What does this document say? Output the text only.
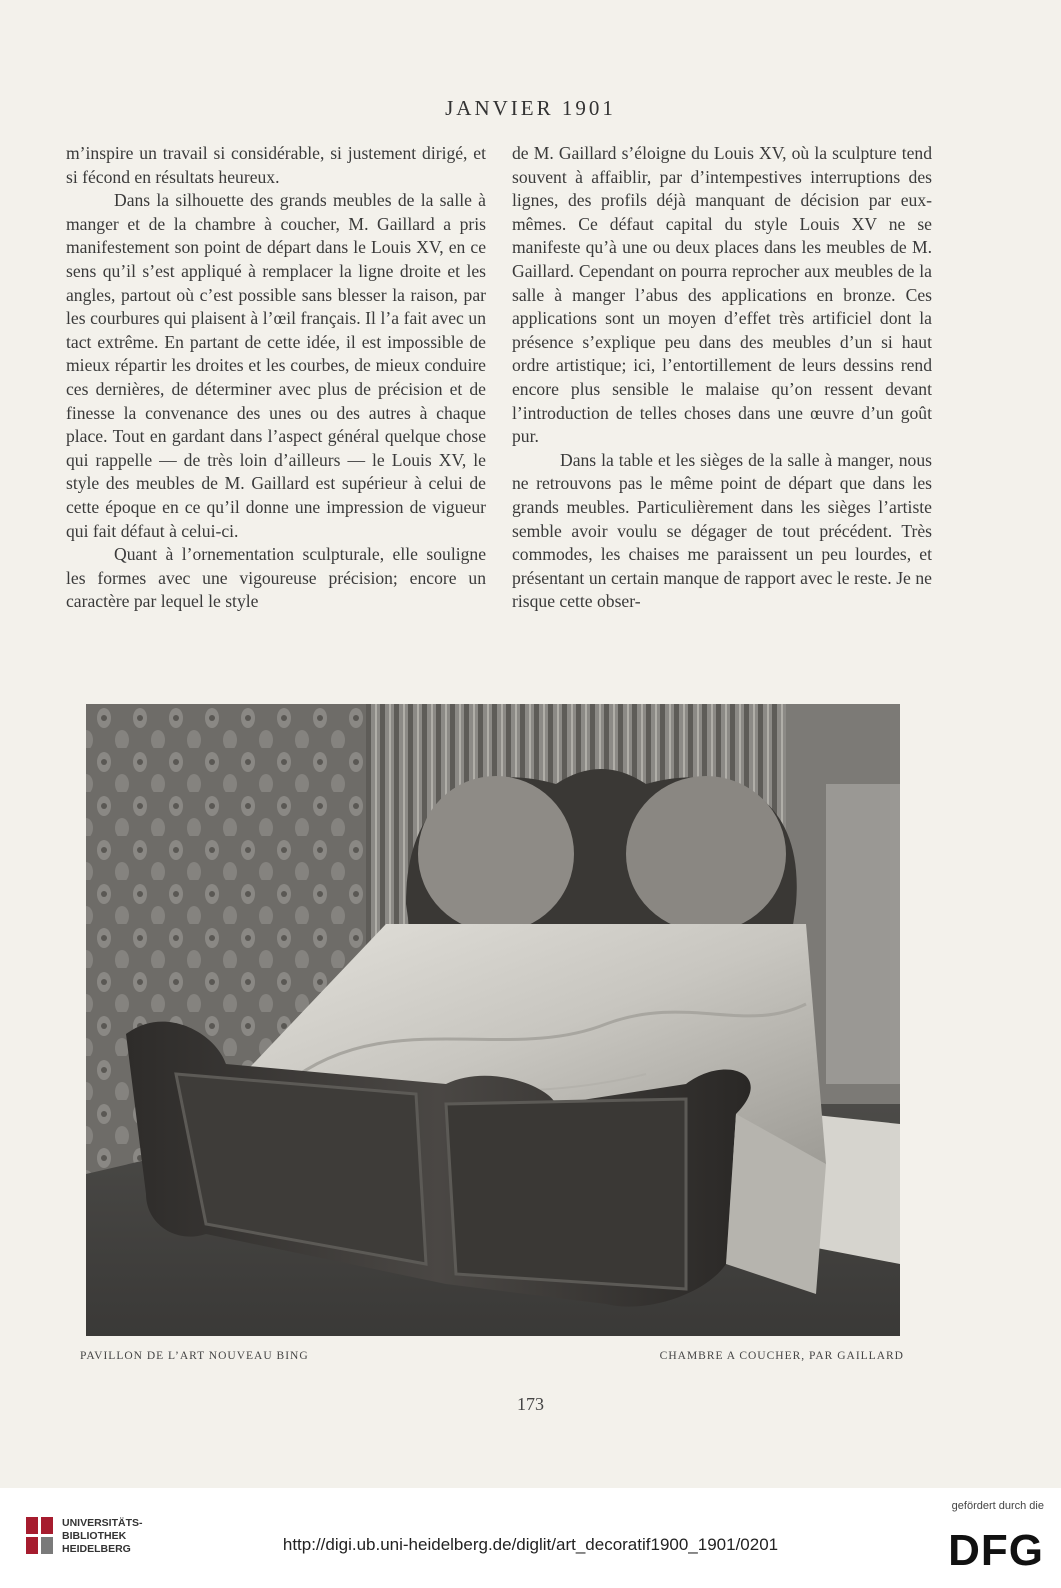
JANVIER 1901

m’inspire un travail si considérable, si justement dirigé, et si fécond en résultats heureux.

Dans la silhouette des grands meubles de la salle à manger et de la chambre à coucher, M. Gaillard a pris manifestement son point de départ dans le Louis XV, en ce sens qu’il s’est appliqué à remplacer la ligne droite et les angles, partout où c’est possible sans blesser la raison, par les courbures qui plaisent à l’œil français. Il l’a fait avec un tact extrême. En partant de cette idée, il est impossible de mieux répartir les droites et les courbes, de mieux conduire ces dernières, de déterminer avec plus de précision et de finesse la convenance des unes ou des autres à chaque place. Tout en gardant dans l’aspect général quelque chose qui rappelle — de très loin d’ailleurs — le Louis XV, le style des meubles de M. Gaillard est supérieur à celui de cette époque en ce qu’il donne une impression de vigueur qui fait défaut à celui-ci.

Quant à l’ornementation sculpturale, elle souligne les formes avec une vigoureuse précision; encore un caractère par lequel le style

de M. Gaillard s’éloigne du Louis XV, où la sculpture tend souvent à affaiblir, par d’intempestives interruptions des lignes, des profils déjà manquant de décision par eux-mêmes. Ce défaut capital du style Louis XV ne se manifeste qu’à une ou deux places dans les meubles de M. Gaillard. Cependant on pourra reprocher aux meubles de la salle à manger l’abus des applications en bronze. Ces applications sont un moyen d’effet très artificiel dont la présence s’explique peu dans des meubles d’un si haut ordre artistique; ici, l’entortillement de leurs dessins rend encore plus sensible le malaise qu’on ressent devant l’introduction de telles choses dans une œuvre d’un goût pur.

Dans la table et les sièges de la salle à manger, nous ne retrouvons pas le même point de départ que dans les grands meubles. Particulièrement dans les sièges l’artiste semble avoir voulu se dégager de tout précédent. Très commodes, les chaises me paraissent un peu lourdes, et présentant un certain manque de rapport avec le reste. Je ne risque cette obser-

PAVILLON DE L’ART NOUVEAU BING	CHAMBRE A COUCHER, PAR GAILLARD
173
UNIVERSITÄTS-
BIBLIOTHEK
HEIDELBERG	http://digi.ub.uni-heidelberg.de/diglit/art_decoratif1900_1901/0201
gefördert durch die
DFG
